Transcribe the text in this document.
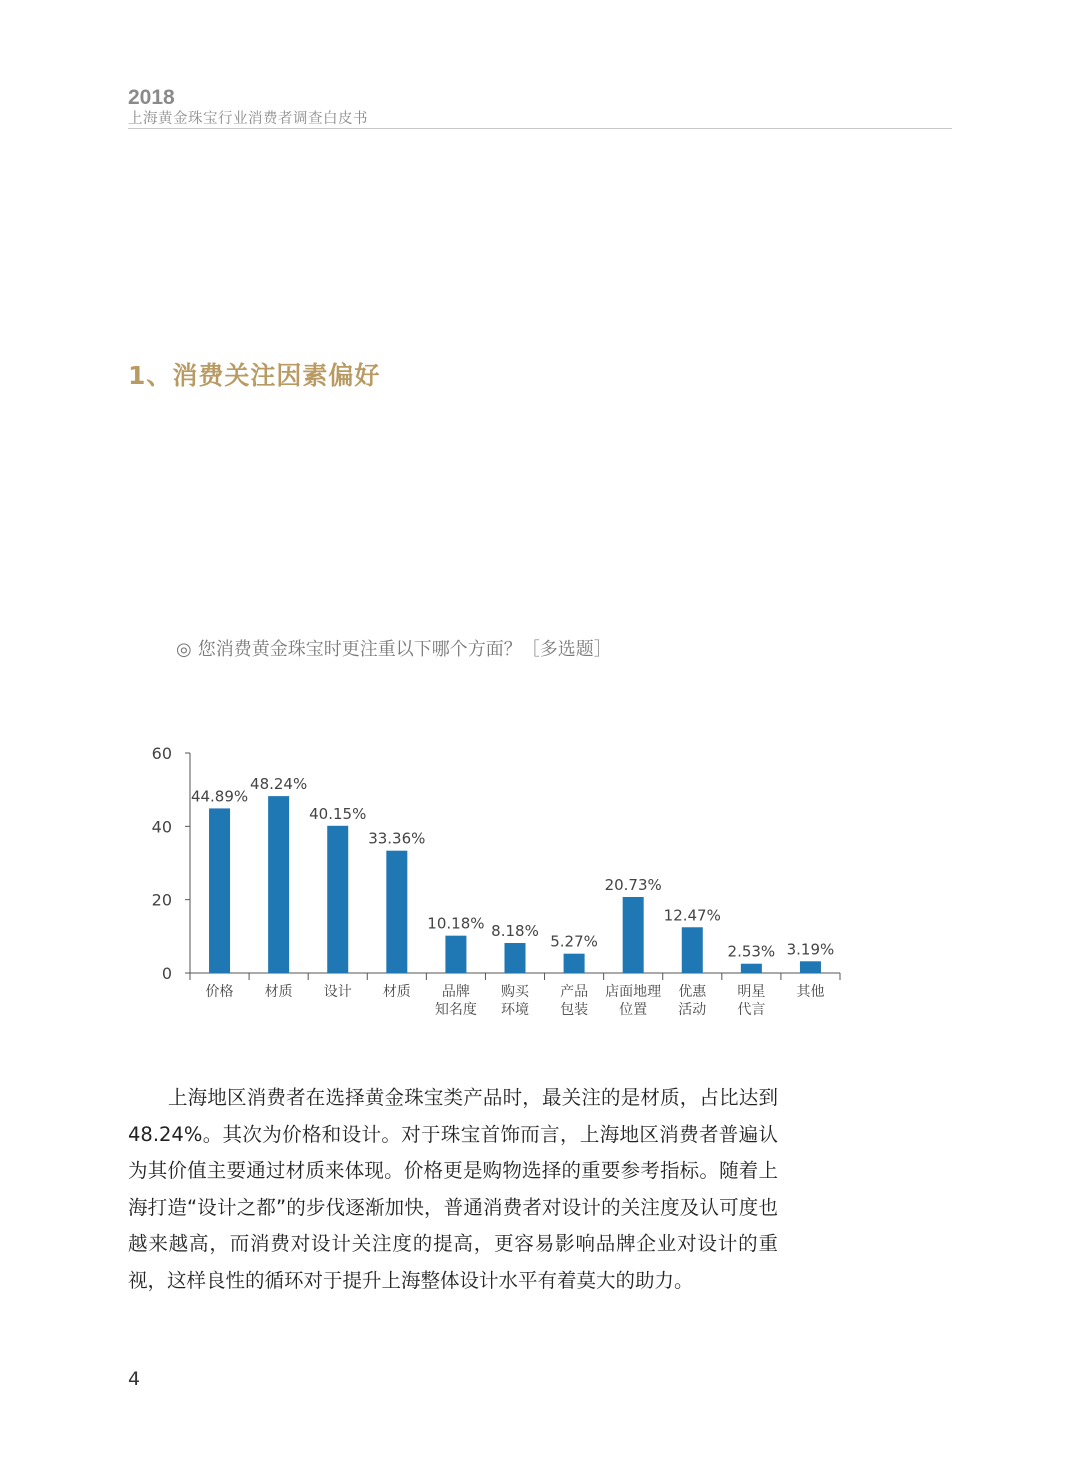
2018
上海黄金珠宝行业消费者调查白皮书
1、消费关注因素偏好
◎ 您消费黄金珠宝时更注重以下哪个方面？［多选题］
0
20
40
60
44.89%
价格
48.24%
材质
40.15%
设计
33.36%
材质
10.18%
品牌
知名度
8.18%
购买
环境
5.27%
产品
包装
20.73%
店面地理
位置
12.47%
优惠
活动
2.53%
明星
代言
3.19%
其他

上海地区消费者在选择黄金珠宝类产品时，最关注的是材质，占比达到 48.24%。其次为价格和设计。对于珠宝首饰而言，上海地区消费者普遍认为其价值主要通过材质来体现。价格更是购物选择的重要参考指标。随着上海打造“设计之都”的步伐逐渐加快，普通消费者对设计的关注度及认可度也越来越高，而消费对设计关注度的提高，更容易影响品牌企业对设计的重视，这样良性的循环对于提升上海整体设计水平有着莫大的助力。

4
